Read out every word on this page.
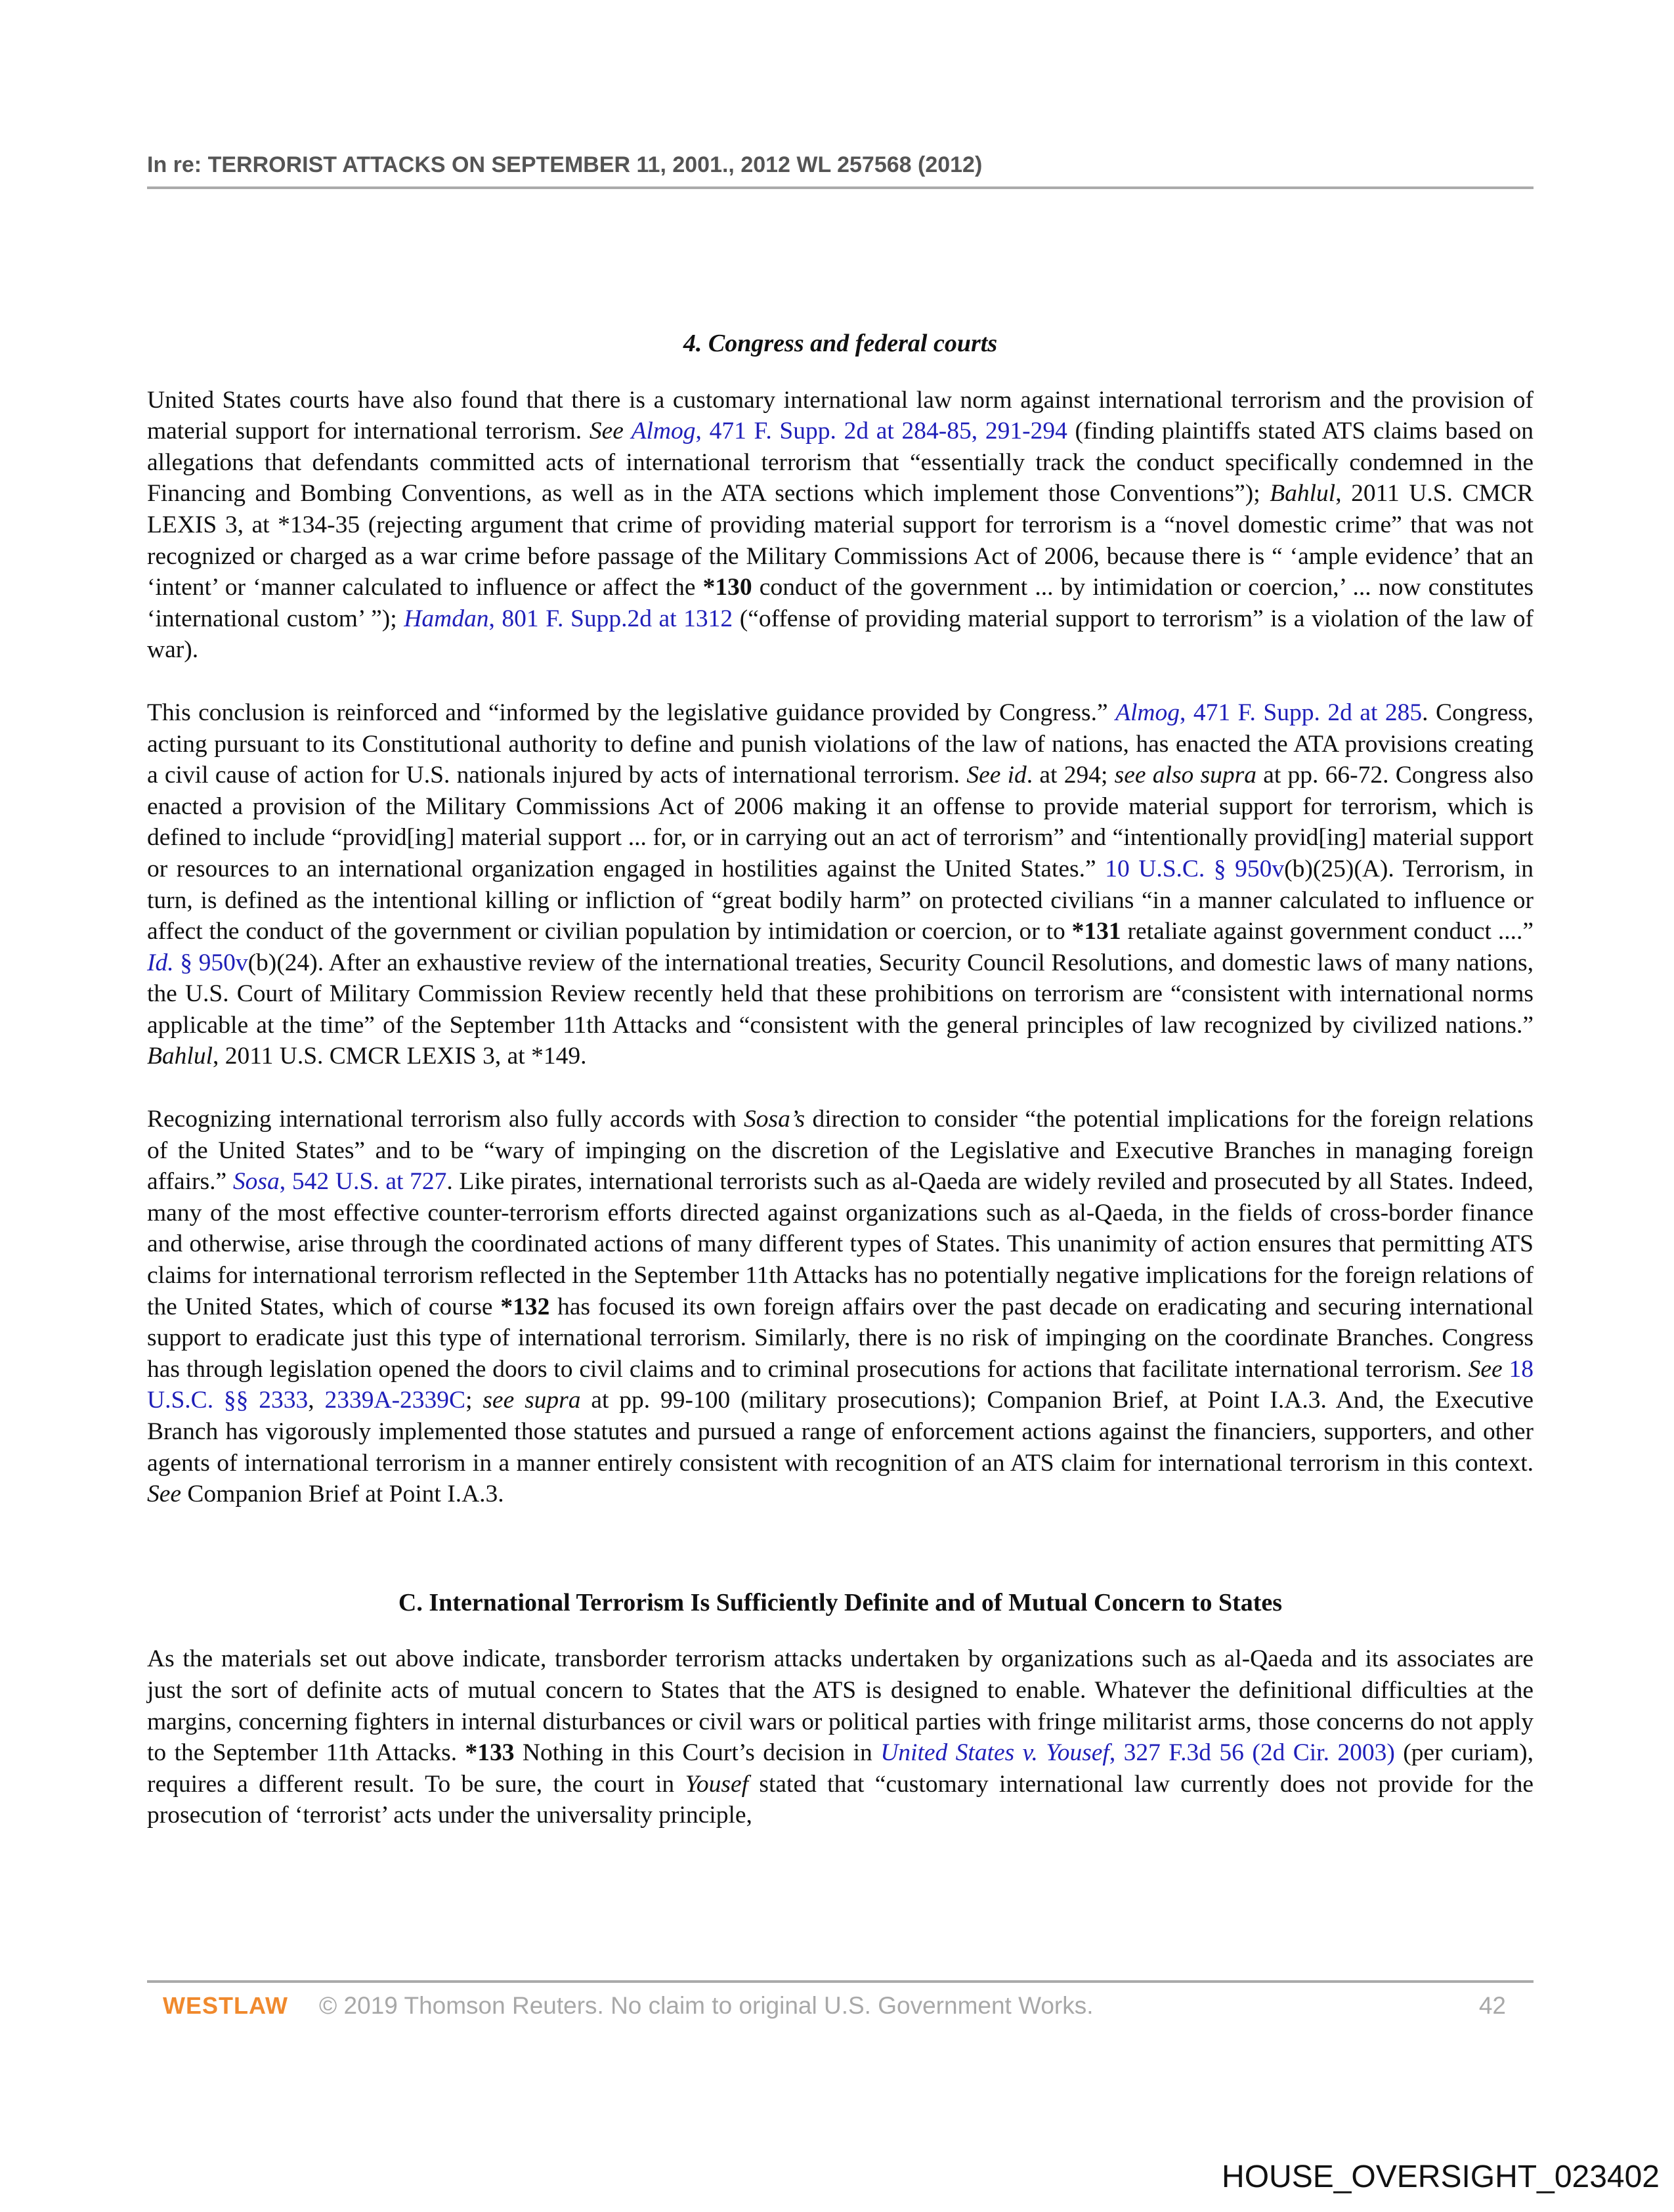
In re: TERRORIST ATTACKS ON SEPTEMBER 11, 2001., 2012 WL 257568 (2012)
4. Congress and federal courts

United States courts have also found that there is a customary international law norm against international terrorism and the provision of material support for international terrorism. See Almog, 471 F. Supp. 2d at 284-85, 291-294 (finding plaintiffs stated ATS claims based on allegations that defendants committed acts of international terrorism that “essentially track the conduct specifically condemned in the Financing and Bombing Conventions, as well as in the ATA sections which implement those Conventions”); Bahlul, 2011 U.S. CMCR LEXIS 3, at *134-35 (rejecting argument that crime of providing material support for terrorism is a “novel domestic crime” that was not recognized or charged as a war crime before passage of the Military Commissions Act of 2006, because there is “ ‘ample evidence’ that an ‘intent’ or ‘manner calculated to influence or affect the *130 conduct of the government ... by intimidation or coercion,’ ... now constitutes ‘international custom’ ”); Hamdan, 801 F. Supp.2d at 1312 (“offense of providing material support to terrorism” is a violation of the law of war).

This conclusion is reinforced and “informed by the legislative guidance provided by Congress.” Almog, 471 F. Supp. 2d at 285. Congress, acting pursuant to its Constitutional authority to define and punish violations of the law of nations, has enacted the ATA provisions creating a civil cause of action for U.S. nationals injured by acts of international terrorism. See id. at 294; see also supra at pp. 66-72. Congress also enacted a provision of the Military Commissions Act of 2006 making it an offense to provide material support for terrorism, which is defined to include “provid[ing] material support ... for, or in carrying out an act of terrorism” and “intentionally provid[ing] material support or resources to an international organization engaged in hostilities against the United States.” 10 U.S.C. § 950v(b)(25)(A). Terrorism, in turn, is defined as the intentional killing or infliction of “great bodily harm” on protected civilians “in a manner calculated to influence or affect the conduct of the government or civilian population by intimidation or coercion, or to *131 retaliate against government conduct ....” Id. § 950v(b)(24). After an exhaustive review of the international treaties, Security Council Resolutions, and domestic laws of many nations, the U.S. Court of Military Commission Review recently held that these prohibitions on terrorism are “consistent with international norms applicable at the time” of the September 11th Attacks and “consistent with the general principles of law recognized by civilized nations.” Bahlul, 2011 U.S. CMCR LEXIS 3, at *149.

Recognizing international terrorism also fully accords with Sosa’s direction to consider “the potential implications for the foreign relations of the United States” and to be “wary of impinging on the discretion of the Legislative and Executive Branches in managing foreign affairs.” Sosa, 542 U.S. at 727. Like pirates, international terrorists such as al-Qaeda are widely reviled and prosecuted by all States. Indeed, many of the most effective counter-terrorism efforts directed against organizations such as al-Qaeda, in the fields of cross-border finance and otherwise, arise through the coordinated actions of many different types of States. This unanimity of action ensures that permitting ATS claims for international terrorism reflected in the September 11th Attacks has no potentially negative implications for the foreign relations of the United States, which of course *132 has focused its own foreign affairs over the past decade on eradicating and securing international support to eradicate just this type of international terrorism. Similarly, there is no risk of impinging on the coordinate Branches. Congress has through legislation opened the doors to civil claims and to criminal prosecutions for actions that facilitate international terrorism. See 18 U.S.C. §§ 2333, 2339A-2339C; see supra at pp. 99-100 (military prosecutions); Companion Brief, at Point I.A.3. And, the Executive Branch has vigorously implemented those statutes and pursued a range of enforcement actions against the financiers, supporters, and other agents of international terrorism in a manner entirely consistent with recognition of an ATS claim for international terrorism in this context. See Companion Brief at Point I.A.3.

C. International Terrorism Is Sufficiently Definite and of Mutual Concern to States

As the materials set out above indicate, transborder terrorism attacks undertaken by organizations such as al-Qaeda and its associates are just the sort of definite acts of mutual concern to States that the ATS is designed to enable. Whatever the definitional difficulties at the margins, concerning fighters in internal disturbances or civil wars or political parties with fringe militarist arms, those concerns do not apply to the September 11th Attacks. *133 Nothing in this Court’s decision in United States v. Yousef, 327 F.3d 56 (2d Cir. 2003) (per curiam), requires a different result. To be sure, the court in Yousef stated that “customary international law currently does not provide for the prosecution of ‘terrorist’ acts under the universality principle,

WESTLAW © 2019 Thomson Reuters. No claim to original U.S. Government Works.	42
HOUSE_OVERSIGHT_023402
